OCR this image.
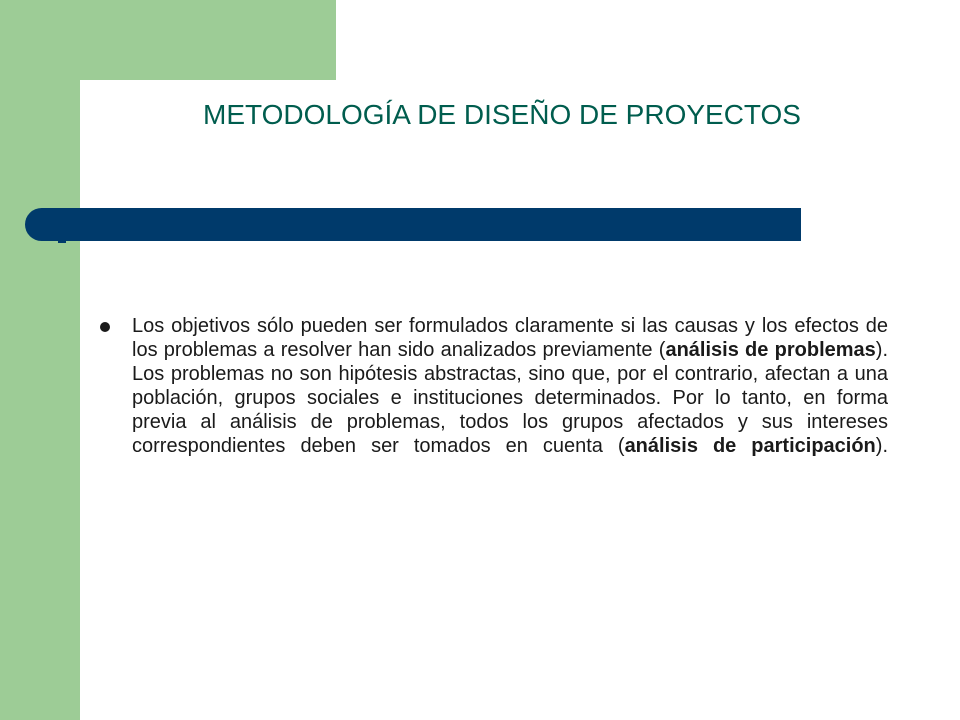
METODOLOGÍA DE DISEÑO DE PROYECTOS

Los objetivos sólo pueden ser formulados claramente si las causas y los efectos de los problemas a resolver han sido analizados previamente (análisis de problemas). Los problemas no son hipótesis abstractas, sino que, por el contrario, afectan a una población, grupos sociales e instituciones determinados. Por lo tanto, en forma previa al análisis de problemas, todos los grupos afectados y sus intereses correspondientes deben ser tomados en cuenta (análisis de participación).
